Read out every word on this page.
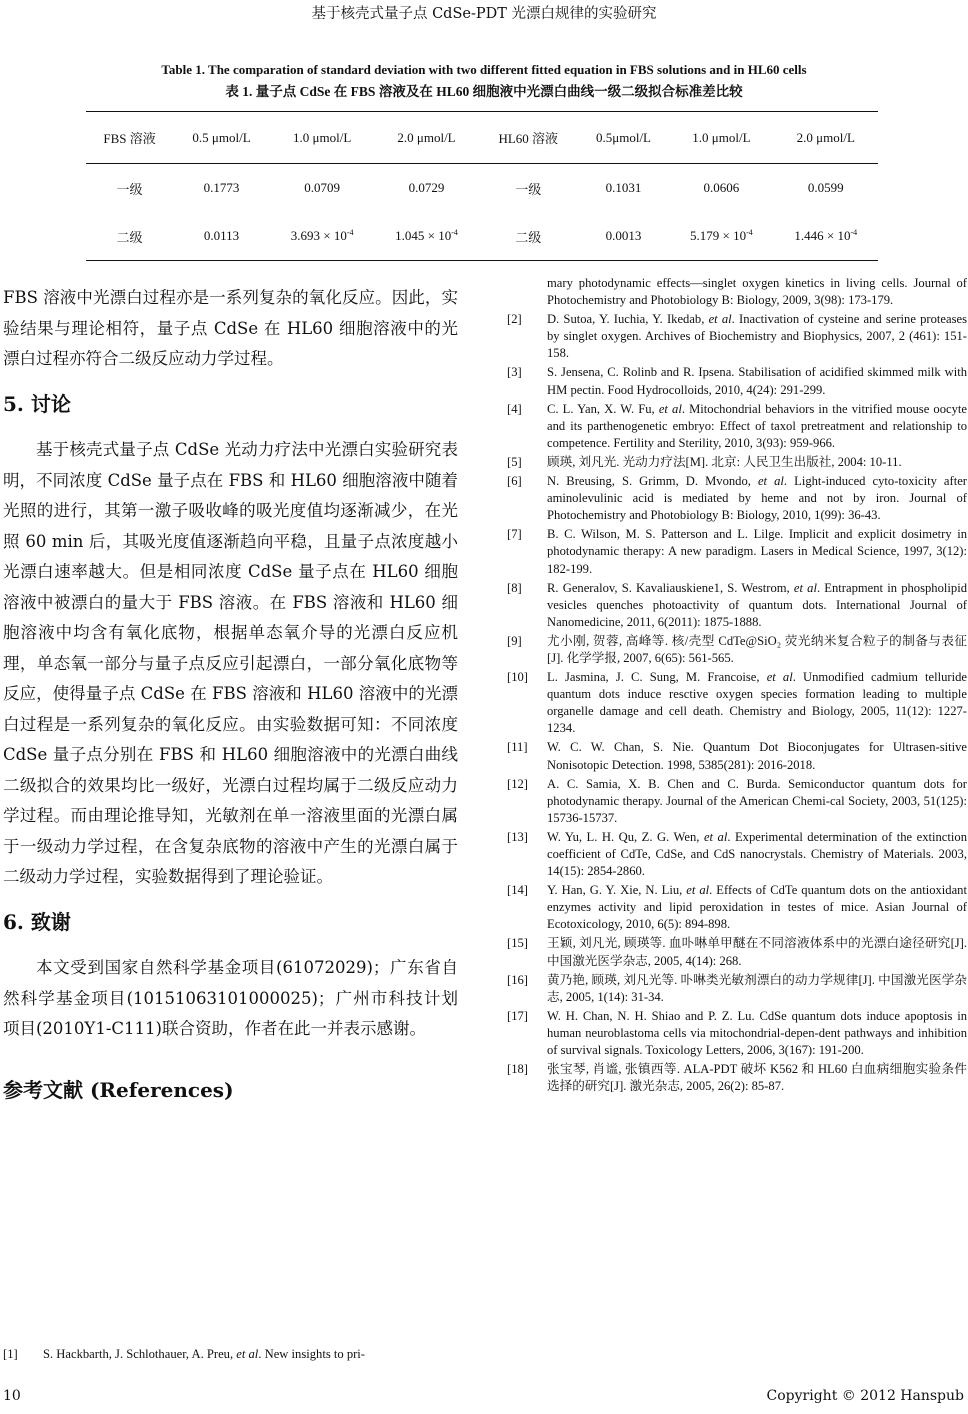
基于核壳式量子点 CdSe-PDT 光漂白规律的实验研究
Table 1. The comparation of standard deviation with two different fitted equation in FBS solutions and in HL60 cells
表 1. 量子点 CdSe 在 FBS 溶液及在 HL60 细胞液中光漂白曲线一级二级拟合标准差比较
FBS 溶液	0.5 μmol/L	1.0 μmol/L	2.0 μmol/L	HL60 溶液	0.5μmol/L	1.0 μmol/L	2.0 μmol/L
一级	0.1773	0.0709	0.0729	一级	0.1031	0.0606	0.0599
二级	0.0113	$3.693 \times 10^{-4}$	$1.045 \times 10^{-4}$	二级	0.0013	$5.179 \times 10^{-4}$	$1.446 \times 10^{-4}$

FBS 溶液中光漂白过程亦是一系列复杂的氧化反应。因此，实验结果与理论相符，量子点 CdSe 在 HL60 细胞溶液中的光漂白过程亦符合二级反应动力学过程。

5. 讨论

基于核壳式量子点 CdSe 光动力疗法中光漂白实验研究表明，不同浓度 CdSe 量子点在 FBS 和 HL60 细胞溶液中随着光照的进行，其第一激子吸收峰的吸光度值均逐渐减少，在光照 60 min 后，其吸光度值逐渐趋向平稳，且量子点浓度越小光漂白速率越大。但是相同浓度 CdSe 量子点在 HL60 细胞溶液中被漂白的量大于 FBS 溶液。在 FBS 溶液和 HL60 细胞溶液中均含有氧化底物，根据单态氧介导的光漂白反应机理，单态氧一部分与量子点反应引起漂白，一部分氧化底物等反应，使得量子点 CdSe 在 FBS 溶液和 HL60 溶液中的光漂白过程是一系列复杂的氧化反应。由实验数据可知：不同浓度 CdSe 量子点分别在 FBS 和 HL60 细胞溶液中的光漂白曲线二级拟合的效果均比一级好，光漂白过程均属于二级反应动力学过程。而由理论推导知，光敏剂在单一溶液里面的光漂白属于一级动力学过程，在含复杂底物的溶液中产生的光漂白属于二级动力学过程，实验数据得到了理论验证。

6. 致谢

本文受到国家自然科学基金项目(61072029)；广东省自然科学基金项目(10151063101000025)；广州市科技计划项目(2010Y1-C111)联合资助，作者在此一并表示感谢。

参考文献 (References)
[1]	S. Hackbarth, J. Schlothauer, A. Preu, et al. New insights to pri-
mary photodynamic effects—singlet oxygen kinetics in living cells. Journal of Photochemistry and Photobiology B: Biology, 2009, 3(98): 173-179.
[2]	D. Sutoa, Y. Iuchia, Y. Ikedab, et al. Inactivation of cysteine and serine proteases by singlet oxygen. Archives of Biochemistry and Biophysics, 2007, 2 (461): 151-158.
[3]	S. Jensena, C. Rolinb and R. Ipsena. Stabilisation of acidified skimmed milk with HM pectin. Food Hydrocolloids, 2010, 4(24): 291-299.
[4]	C. L. Yan, X. W. Fu, et al. Mitochondrial behaviors in the vitrified mouse oocyte and its parthenogenetic embryo: Effect of taxol pretreatment and relationship to competence. Fertility and Sterility, 2010, 3(93): 959-966.
[5]	顾瑛, 刘凡光. 光动力疗法[M]. 北京: 人民卫生出版社, 2004: 10-11.
[6]	N. Breusing, S. Grimm, D. Mvondo, et al. Light-induced cyto-toxicity after aminolevulinic acid is mediated by heme and not by iron. Journal of Photochemistry and Photobiology B: Biology, 2010, 1(99): 36-43.
[7]	B. C. Wilson, M. S. Patterson and L. Lilge. Implicit and explicit dosimetry in photodynamic therapy: A new paradigm. Lasers in Medical Science, 1997, 3(12): 182-199.
[8]	R. Generalov, S. Kavaliauskiene1, S. Westrom, et al. Entrapment in phospholipid vesicles quenches photoactivity of quantum dots. International Journal of Nanomedicine, 2011, 6(2011): 1875-1888.
[9]	尤小刚, 贺蓉, 高峰等. 核/壳型 CdTe@SiO₂ 荧光纳米复合粒子的制备与表征[J]. 化学学报, 2007, 6(65): 561-565.
[10]	L. Jasmina, J. C. Sung, M. Francoise, et al. Unmodified cadmium telluride quantum dots induce resctive oxygen species formation leading to multiple organelle damage and cell death. Chemistry and Biology, 2005, 11(12): 1227-1234.
[11]	W. C. W. Chan, S. Nie. Quantum Dot Bioconjugates for Ultrasen-sitive Nonisotopic Detection. 1998, 5385(281): 2016-2018.
[12]	A. C. Samia, X. B. Chen and C. Burda. Semiconductor quantum dots for photodynamic therapy. Journal of the American Chemi-cal Society, 2003, 51(125): 15736-15737.
[13]	W. Yu, L. H. Qu, Z. G. Wen, et al. Experimental determination of the extinction coefficient of CdTe, CdSe, and CdS nanocrystals. Chemistry of Materials. 2003, 14(15): 2854-2860.
[14]	Y. Han, G. Y. Xie, N. Liu, et al. Effects of CdTe quantum dots on the antioxidant enzymes activity and lipid peroxidation in testes of mice. Asian Journal of Ecotoxicology, 2010, 6(5): 894-898.
[15]	王颖, 刘凡光, 顾瑛等. 血卟啉单甲醚在不同溶液体系中的光漂白途径研究[J]. 中国激光医学杂志, 2005, 4(14): 268.
[16]	黄乃艳, 顾瑛, 刘凡光等. 卟啉类光敏剂漂白的动力学规律[J]. 中国激光医学杂志, 2005, 1(14): 31-34.
[17]	W. H. Chan, N. H. Shiao and P. Z. Lu. CdSe quantum dots induce apoptosis in human neuroblastoma cells via mitochondrial-depen-dent pathways and inhibition of survival signals. Toxicology Letters, 2006, 3(167): 191-200.
[18]	张宝琴, 肖谧, 张镇西等. ALA-PDT 破坏 K562 和 HL60 白血病细胞实验条件选择的研究[J]. 激光杂志, 2005, 26(2): 85-87.
10	Copyright © 2012 Hanspub
